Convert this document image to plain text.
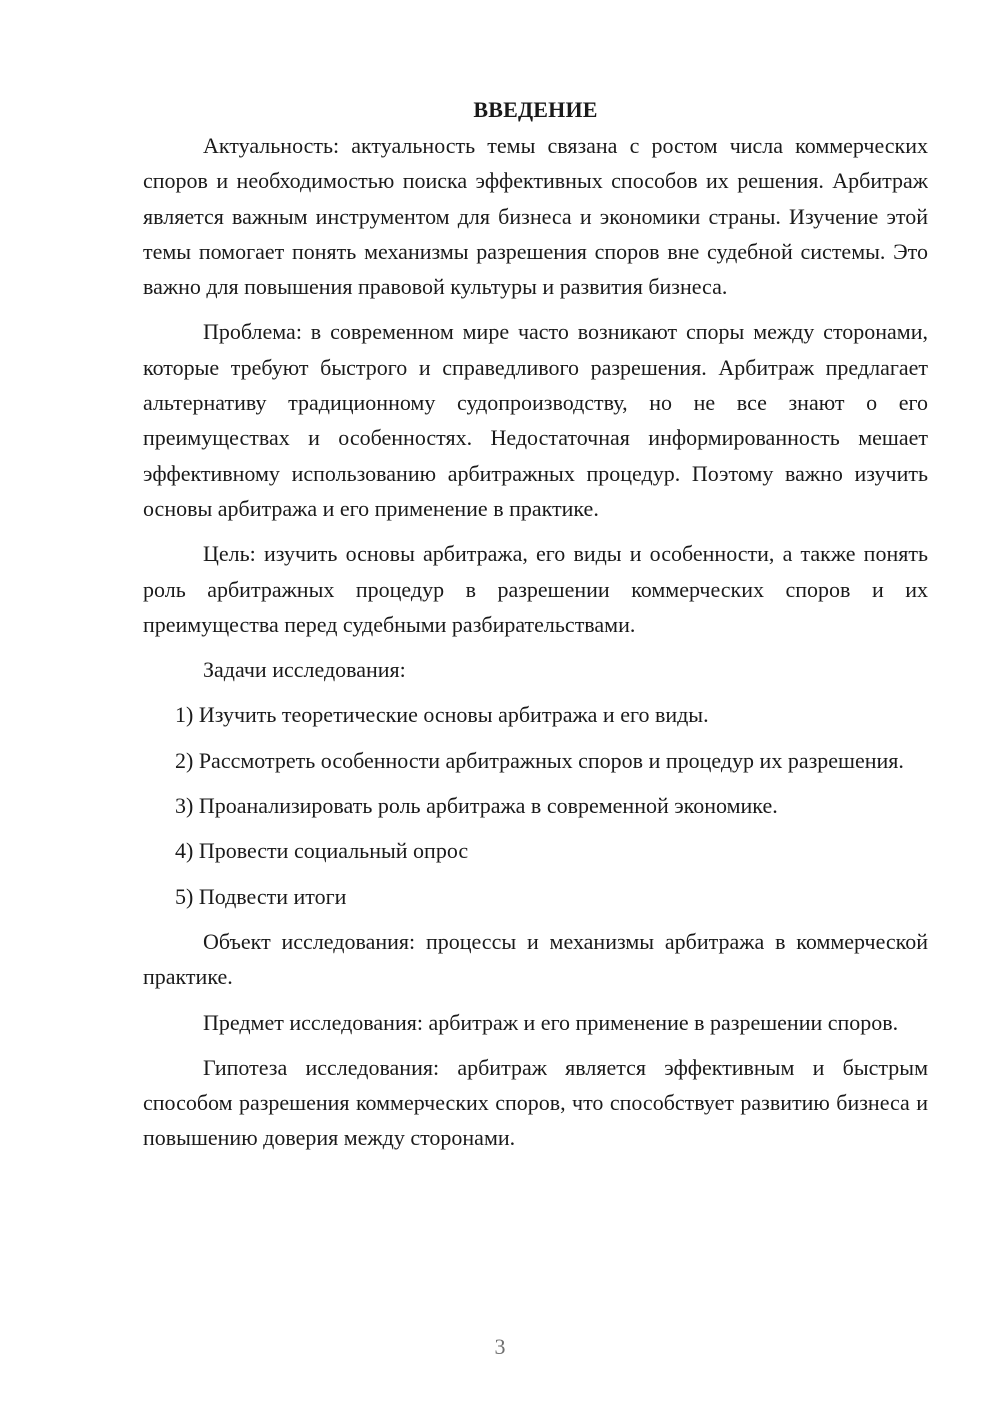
ВВЕДЕНИЕ

Актуальность: актуальность темы связана с ростом числа коммерческих споров и необходимостью поиска эффективных способов их решения. Арбитраж является важным инструментом для бизнеса и экономики страны. Изучение этой темы помогает понять механизмы разрешения споров вне судебной системы. Это важно для повышения правовой культуры и развития бизнеса.

Проблема: в современном мире часто возникают споры между сторонами, которые требуют быстрого и справедливого разрешения. Арбитраж предлагает альтернативу традиционному судопроизводству, но не все знают о его преимуществах и особенностях. Недостаточная информированность мешает эффективному использованию арбитражных процедур. Поэтому важно изучить основы арбитража и его применение в практике.

Цель: изучить основы арбитража, его виды и особенности, а также понять роль арбитражных процедур в разрешении коммерческих споров и их преимущества перед судебными разбирательствами.

Задачи исследования:

1) Изучить теоретические основы арбитража и его виды.

2) Рассмотреть особенности арбитражных споров и процедур их разрешения.

3) Проанализировать роль арбитража в современной экономике.

4) Провести социальный опрос

5) Подвести итоги

Объект исследования: процессы и механизмы арбитража в коммерческой практике.

Предмет исследования: арбитраж и его применение в разрешении споров.

Гипотеза исследования: арбитраж является эффективным и быстрым способом разрешения коммерческих споров, что способствует развитию бизнеса и повышению доверия между сторонами.

3
